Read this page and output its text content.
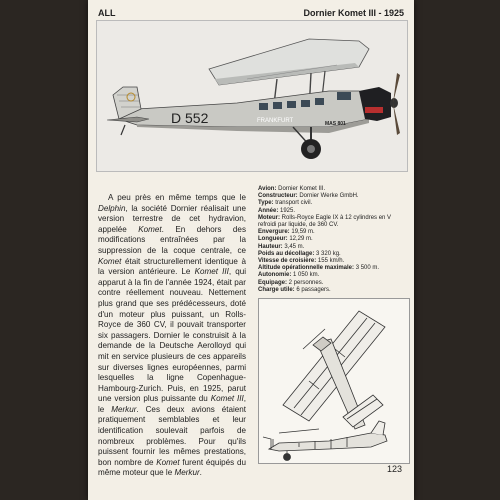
ALL	Dornier Komet III - 1925
D 552	FRANKFURT	MAS 801

A peu près en même temps que le Delphin, la société Dornier réalisait une version terrestre de cet hydravion, appelée Komet. En dehors des modifications entraînées par la suppression de la coque centrale, ce Komet était structurellement identique à la version antérieure. Le Komet III, qui apparut à la fin de l'année 1924, était par contre réellement nouveau. Nettement plus grand que ses prédécesseurs, doté d'un moteur plus puissant, un Rolls-Royce de 360 CV, il pouvait transporter six passagers. Dornier le construisit à la demande de la Deutsche Aerolloyd qui mit en service plusieurs de ces appareils sur diverses lignes européennes, parmi lesquelles la ligne Copenhague-Hambourg-Zurich. Puis, en 1925, parut une version plus puissante du Komet III, le Merkur. Ces deux avions étaient pratiquement semblables et leur identification soulevait parfois de nombreux problèmes. Pour qu'ils puissent fournir les mêmes prestations, bon nombre de Komet furent équipés du même moteur que le Merkur.

Avion: Dornier Komet III.
Constructeur: Dornier Werke GmbH.
Type: transport civil.
Année: 1925.
Moteur: Rolls-Royce Eagle IX à 12 cylindres en V refroidi par liquide, de 360 CV.
Envergure: 19,59 m.
Longueur: 12,29 m.
Hauteur: 3,45 m.
Poids au décollage: 3 320 kg.
Vitesse de croisière: 155 km/h.
Altitude opérationnelle maximale: 3 500 m.
Autonomie: 1 050 km.
Equipage: 2 personnes.
Charge utile: 6 passagers.
123
